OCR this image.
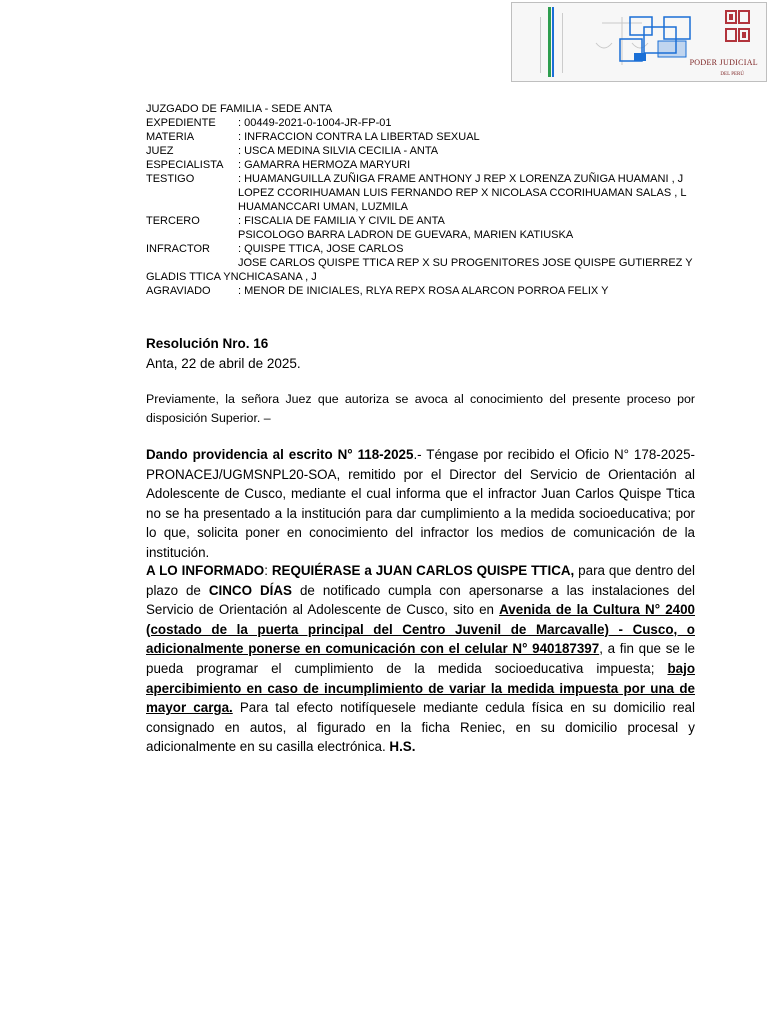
PODER JUDICIAL
DEL PERÚ
JUZGADO DE FAMILIA - SEDE ANTA
EXPEDIENTE	: 00449-2021-0-1004-JR-FP-01
MATERIA	: INFRACCION CONTRA LA LIBERTAD SEXUAL
JUEZ	: USCA MEDINA SILVIA CECILIA - ANTA
ESPECIALISTA	: GAMARRA HERMOZA MARYURI
TESTIGO	: HUAMANGUILLA ZUÑIGA FRAME ANTHONY J REP X LORENZA ZUÑIGA HUAMANI , J
LOPEZ CCORIHUAMAN LUIS FERNANDO REP X NICOLASA CCORIHUAMAN SALAS , L
HUAMANCCARI UMAN, LUZMILA
TERCERO	: FISCALIA DE FAMILIA Y CIVIL DE ANTA
PSICOLOGO BARRA LADRON DE GUEVARA, MARIEN KATIUSKA
INFRACTOR	: QUISPE TTICA, JOSE CARLOS
JOSE CARLOS QUISPE TTICA REP X SU PROGENITORES JOSE QUISPE GUTIERREZ Y
GLADIS TTICA YNCHICASANA , J
AGRAVIADO	: MENOR DE INICIALES, RLYA REPX ROSA ALARCON PORROA FELIX Y
Resolución Nro. 16
Anta, 22 de abril de 2025.
Previamente, la señora Juez que autoriza se avoca al conocimiento del presente proceso por disposición Superior. –
Dando providencia al escrito N° 118-2025.- Téngase por recibido el Oficio N° 178-2025-PRONACEJ/UGMSNPL20-SOA, remitido por el Director del Servicio de Orientación al Adolescente de Cusco, mediante el cual informa que el infractor Juan Carlos Quispe Ttica no se ha presentado a la institución para dar cumplimiento a la medida socioeducativa; por lo que, solicita poner en conocimiento del infractor los medios de comunicación de la institución.
A LO INFORMADO: REQUIÉRASE a JUAN CARLOS QUISPE TTICA, para que dentro del plazo de CINCO DÍAS de notificado cumpla con apersonarse a las instalaciones del Servicio de Orientación al Adolescente de Cusco, sito en Avenida de la Cultura N° 2400 (costado de la puerta principal del Centro Juvenil de Marcavalle) - Cusco, o adicionalmente ponerse en comunicación con el celular N° 940187397, a fin que se le pueda programar el cumplimiento de la medida socioeducativa impuesta; bajo apercibimiento en caso de incumplimiento de variar la medida impuesta por una de mayor carga. Para tal efecto notifíquesele mediante cedula física en su domicilio real consignado en autos, al figurado en la ficha Reniec, en su domicilio procesal y adicionalmente en su casilla electrónica. H.S.
